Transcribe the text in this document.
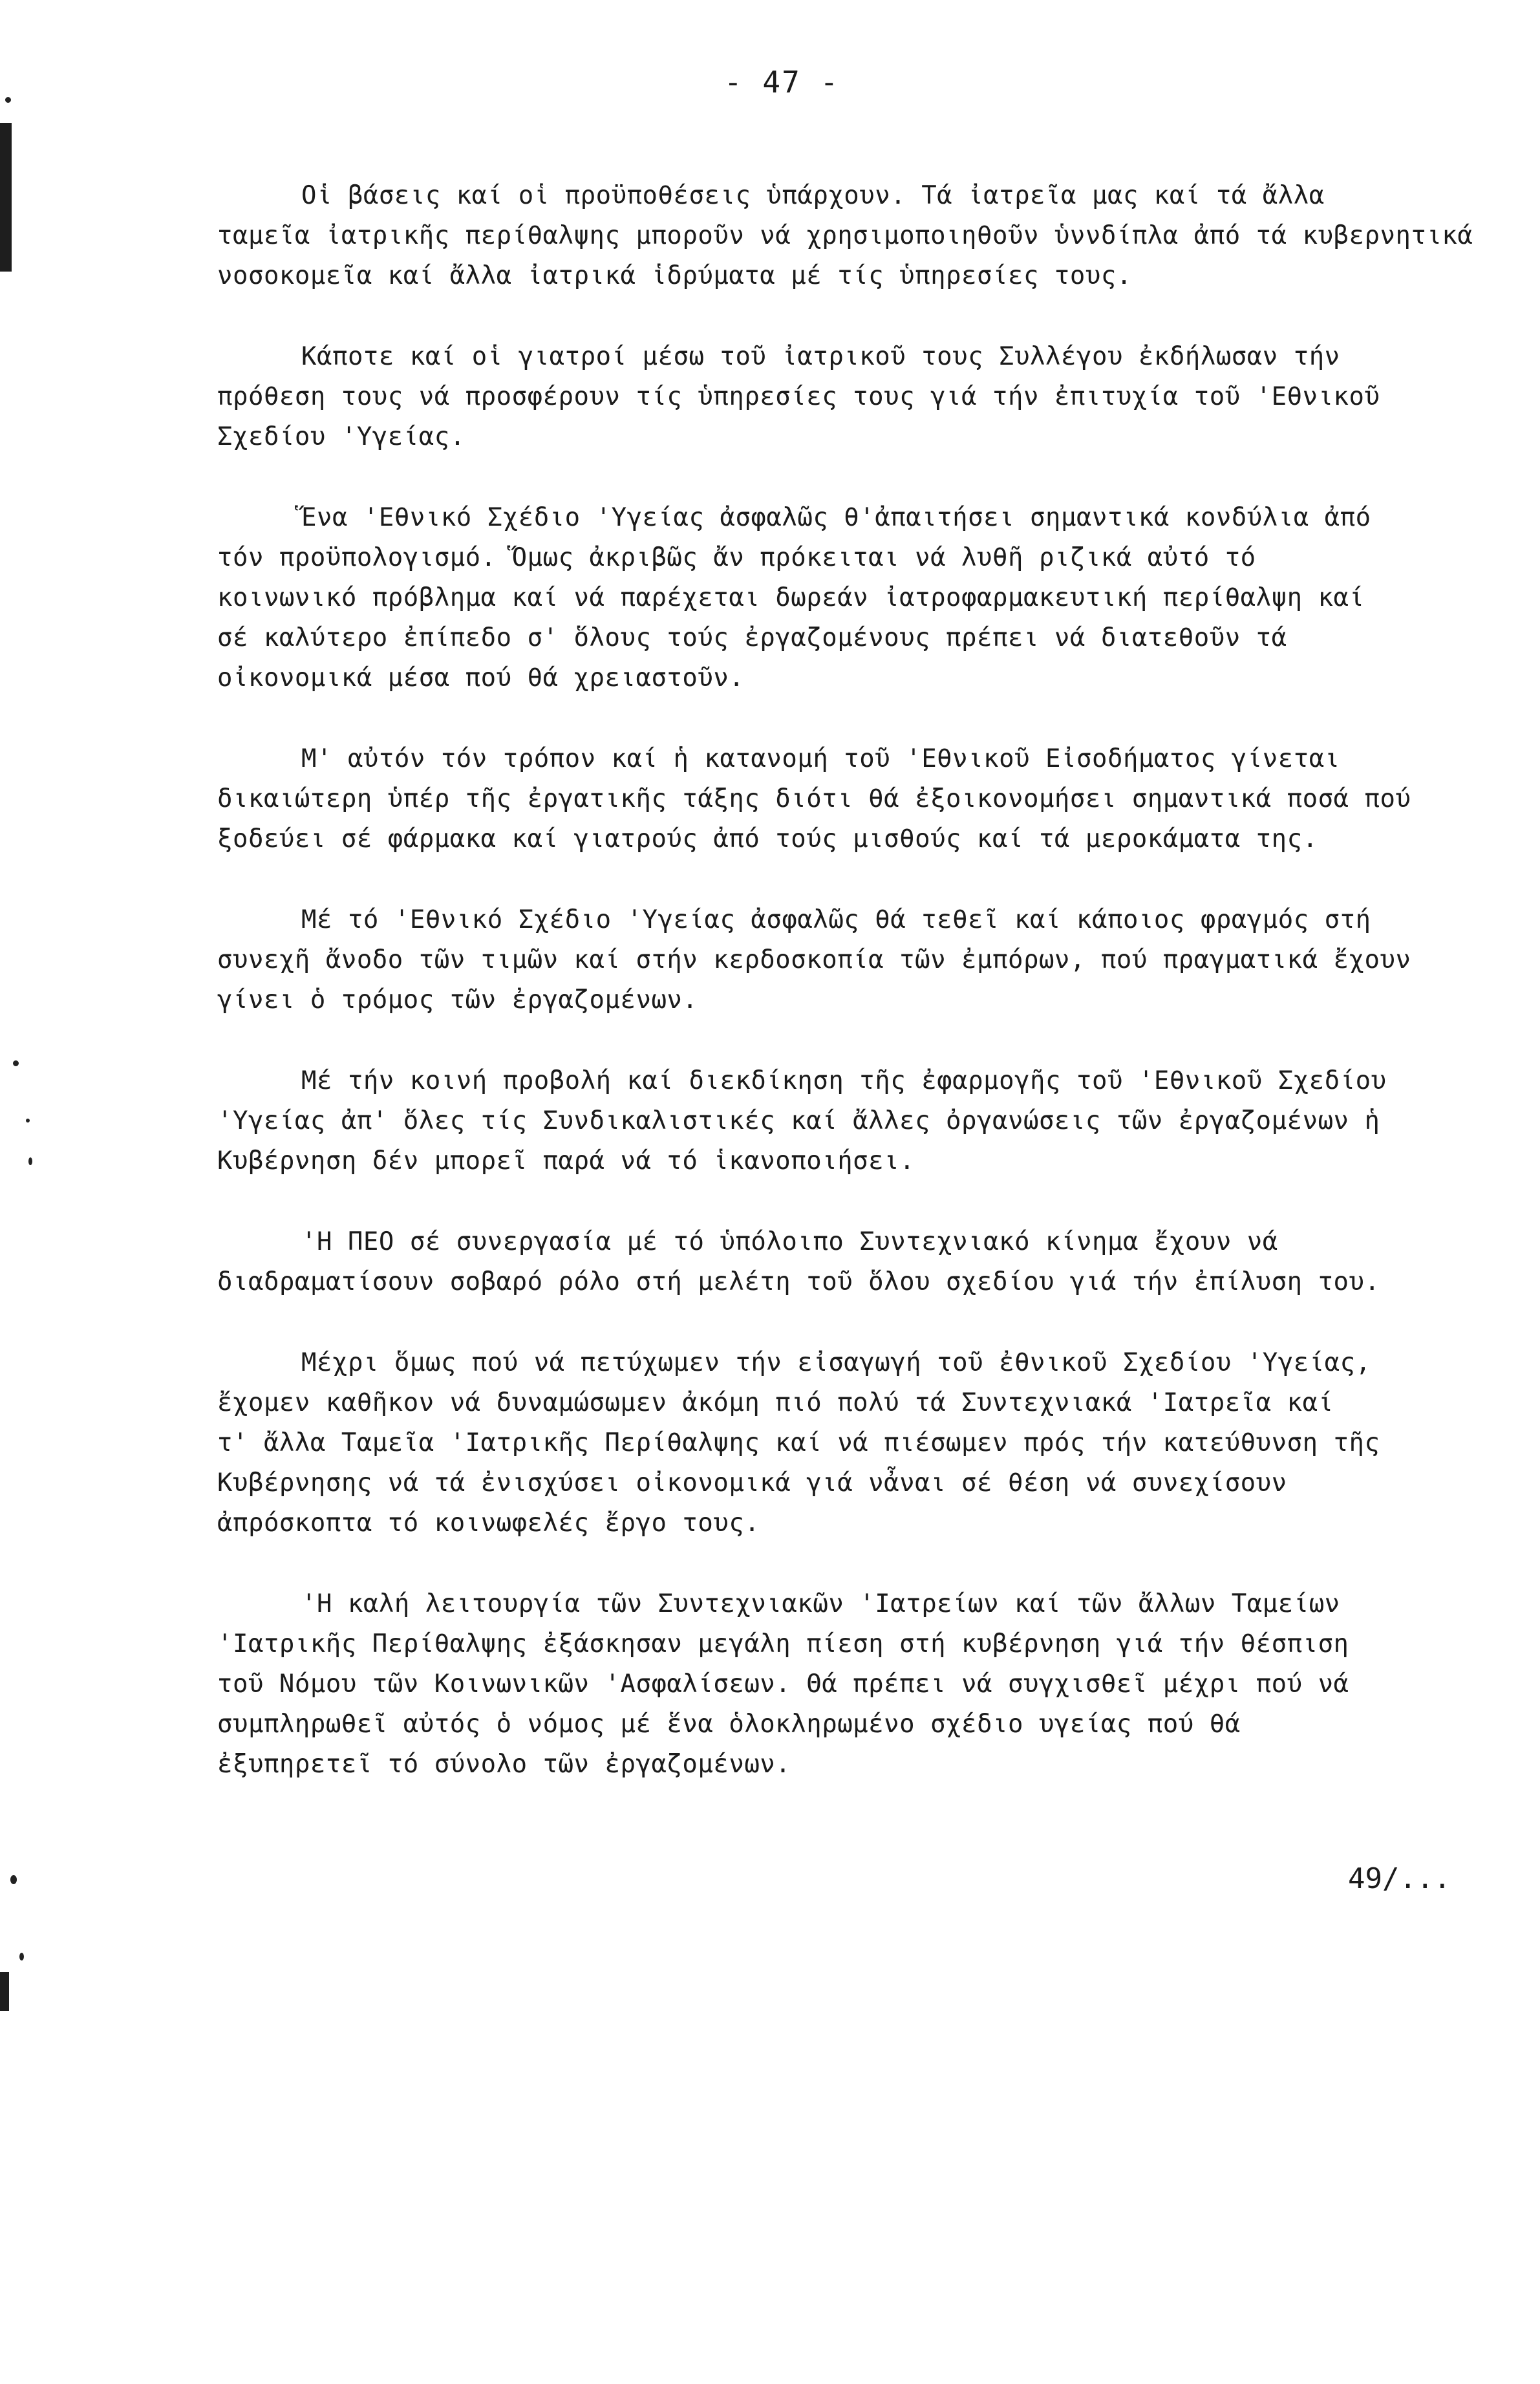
- 47 -
Οἱ βάσεις καί οἱ προϋποθέσεις ὑπάρχουν. Τά ἰατρεῖα μας καί τά ἄλλα
ταμεῖα ἰατρικῆς περίθαλψης μποροῦν νά χρησιμοποιηθοῦν ὑννδίπλα ἀπό τά κυβερνητικά
νοσοκομεῖα καί ἄλλα ἰατρικά ἱδρύματα μέ τίς ὑπηρεσίες τους.
Κάποτε καί οἱ γιατροί μέσω τοῦ ἰατρικοῦ τους Συλλέγου ἐκδήλωσαν τήν
πρόθεση τους νά προσφέρουν τίς ὑπηρεσίες τους γιά τήν ἐπιτυχία τοῦ 'Εθνικοῦ
Σχεδίου 'Υγείας.
Ἕνα 'Εθνικό Σχέδιο 'Υγείας ἀσφαλῶς θ'ἀπαιτήσει σημαντικά κονδύλια ἀπό
τόν προϋπολογισμό. Ὅμως ἀκριβῶς ἄν πρόκειται νά λυθῆ ριζικά αὐτό τό
κοινωνικό πρόβλημα καί νά παρέχεται δωρεάν ἰατροφαρμακευτική περίθαλψη καί
σέ καλύτερο ἐπίπεδο σ' ὅλους τούς ἐργαζομένους πρέπει νά διατεθοῦν τά
οἰκονομικά μέσα πού θά χρειαστοῦν.
Μ' αὐτόν τόν τρόπον καί ἡ κατανομή τοῦ 'Εθνικοῦ Εἰσοδήματος γίνεται
δικαιώτερη ὑπέρ τῆς ἐργατικῆς τάξης διότι θά ἐξοικονομήσει σημαντικά ποσά πού
ξοδεύει σέ φάρμακα καί γιατρούς ἀπό τούς μισθούς καί τά μεροκάματα της.
Μέ τό 'Εθνικό Σχέδιο 'Υγείας ἀσφαλῶς θά τεθεῖ καί κάποιος φραγμός στή
συνεχῆ ἄνοδο τῶν τιμῶν καί στήν κερδοσκοπία τῶν ἐμπόρων, πού πραγματικά ἔχουν
γίνει ὁ τρόμος τῶν ἐργαζομένων.
Μέ τήν κοινή προβολή καί διεκδίκηση τῆς ἐφαρμογῆς τοῦ 'Εθνικοῦ Σχεδίου
'Υγείας ἀπ' ὅλες τίς Συνδικαλιστικές καί ἄλλες ὀργανώσεις τῶν ἐργαζομένων ἡ
Κυβέρνηση δέν μπορεῖ παρά νά τό ἱκανοποιήσει.
'Η ΠΕΟ σέ συνεργασία μέ τό ὑπόλοιπο Συντεχνιακό κίνημα ἔχουν νά
διαδραματίσουν σοβαρό ρόλο στή μελέτη τοῦ ὅλου σχεδίου γιά τήν ἐπίλυση του.
Μέχρι ὅμως πού νά πετύχωμεν τήν εἰσαγωγή τοῦ ἐθνικοῦ Σχεδίου 'Υγείας,
ἔχομεν καθῆκον νά δυναμώσωμεν ἀκόμη πιό πολύ τά Συντεχνιακά 'Ιατρεῖα καί
τ' ἄλλα Ταμεῖα 'Ιατρικῆς Περίθαλψης καί νά πιέσωμεν πρός τήν κατεύθυνση τῆς
Κυβέρνησης νά τά ἐνισχύσει οἰκονομικά γιά νἆναι σέ θέση νά συνεχίσουν
ἀπρόσκοπτα τό κοινωφελές ἔργο τους.
'Η καλή λειτουργία τῶν Συντεχνιακῶν 'Ιατρείων καί τῶν ἄλλων Ταμείων
'Ιατρικῆς Περίθαλψης ἐξάσκησαν μεγάλη πίεση στή κυβέρνηση γιά τήν θέσπιση
τοῦ Νόμου τῶν Κοινωνικῶν 'Ασφαλίσεων. Θά πρέπει νά συγχισθεῖ μέχρι πού νά
συμπληρωθεῖ αὐτός ὁ νόμος μέ ἕνα ὁλοκληρωμένο σχέδιο υγείας πού θά
ἐξυπηρετεῖ τό σύνολο τῶν ἐργαζομένων.
49/...
